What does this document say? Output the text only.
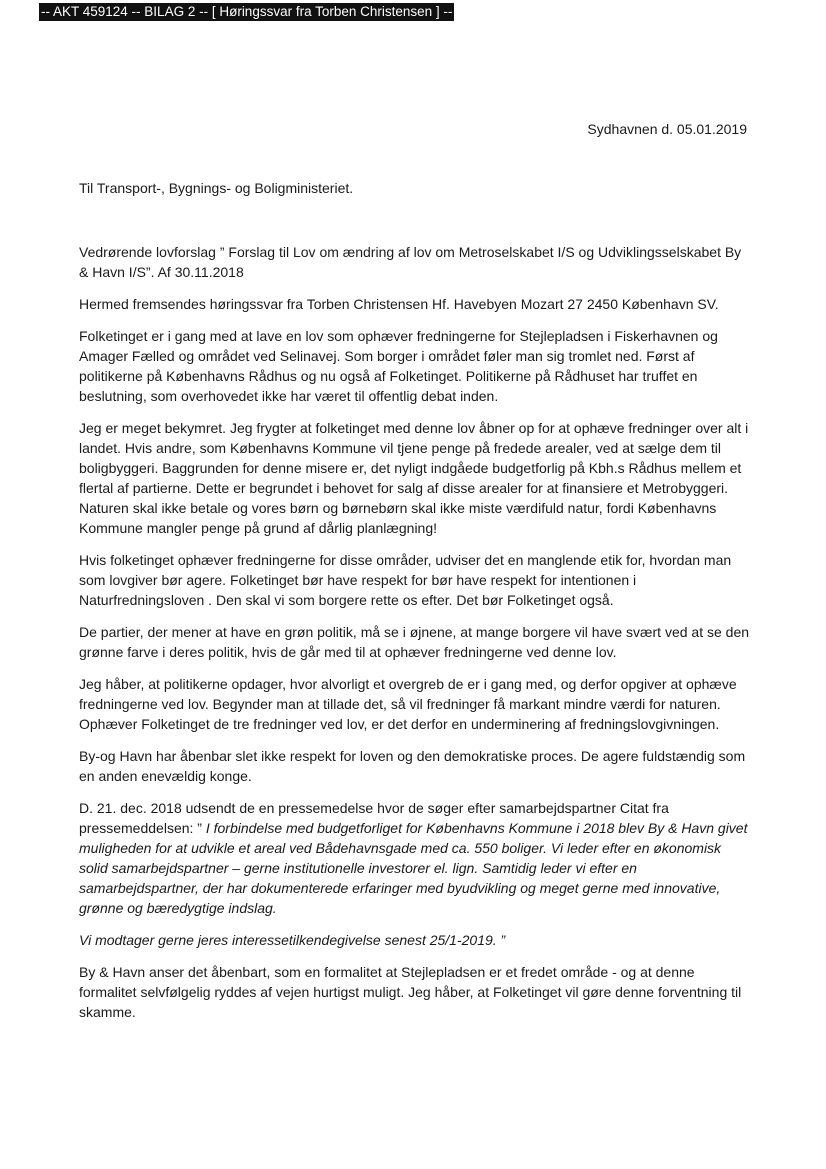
-- AKT 459124 -- BILAG 2 -- [ Høringssvar fra Torben Christensen ] --
Sydhavnen d. 05.01.2019

Til Transport-, Bygnings- og Boligministeriet.

Vedrørende lovforslag ” Forslag til Lov om ændring af lov om Metroselskabet I/S og Udviklingsselskabet By & Havn I/S”. Af 30.11.2018

Hermed fremsendes høringssvar fra Torben Christensen Hf. Havebyen Mozart 27 2450 København SV.

Folketinget er i gang med at lave en lov som ophæver fredningerne for Stejlepladsen i Fiskerhavnen og Amager Fælled og området ved Selinavej. Som borger i området føler man sig tromlet ned. Først af politikerne på Københavns Rådhus og nu også af Folketinget. Politikerne på Rådhuset har truffet en beslutning, som overhovedet ikke har været til offentlig debat inden.

Jeg er meget bekymret. Jeg frygter at folketinget med denne lov åbner op for at ophæve fredninger over alt i landet. Hvis andre, som Københavns Kommune vil tjene penge på fredede arealer, ved at sælge dem til boligbyggeri. Baggrunden for denne misere er, det nyligt indgåede budgetforlig på Kbh.s Rådhus mellem et flertal af partierne. Dette er begrundet i behovet for salg af disse arealer for at finansiere et Metrobyggeri. Naturen skal ikke betale og vores børn og børnebørn skal ikke miste værdifuld natur, fordi Københavns Kommune mangler penge på grund af dårlig planlægning!

Hvis folketinget ophæver fredningerne for disse områder, udviser det en manglende etik for, hvordan man som lovgiver bør agere. Folketinget bør have respekt for bør have respekt for intentionen i Naturfredningsloven . Den skal vi som borgere rette os efter. Det bør Folketinget også.

De partier, der mener at have en grøn politik, må se i øjnene, at mange borgere vil have svært ved at se den grønne farve i deres politik, hvis de går med til at ophæver fredningerne ved denne lov.

Jeg håber, at politikerne opdager, hvor alvorligt et overgreb de er i gang med, og derfor opgiver at ophæve fredningerne ved lov. Begynder man at tillade det, så vil fredninger få markant mindre værdi for naturen. Ophæver Folketinget de tre fredninger ved lov, er det derfor en underminering af fredningslovgivningen.

By-og Havn har åbenbar slet ikke respekt for loven og den demokratiske proces. De agere fuldstændig som en anden enevældig konge.

D. 21. dec. 2018 udsendt de en pressemedelse hvor de søger efter samarbejdspartner Citat fra pressemeddelsen: ” I forbindelse med budgetforliget for Københavns Kommune i 2018 blev By & Havn givet muligheden for at udvikle et areal ved Bådehavnsgade med ca. 550 boliger. Vi leder efter en økonomisk solid samarbejdspartner – gerne institutionelle investorer el. lign. Samtidig leder vi efter en samarbejdspartner, der har dokumenterede erfaringer med byudvikling og meget gerne med innovative, grønne og bæredygtige indslag.

Vi modtager gerne jeres interessetilkendegivelse senest 25/1-2019. ”

By & Havn anser det åbenbart, som en formalitet at Stejlepladsen er et fredet område - og at denne formalitet selvfølgelig ryddes af vejen hurtigst muligt. Jeg håber, at Folketinget vil gøre denne forventning til skamme.
